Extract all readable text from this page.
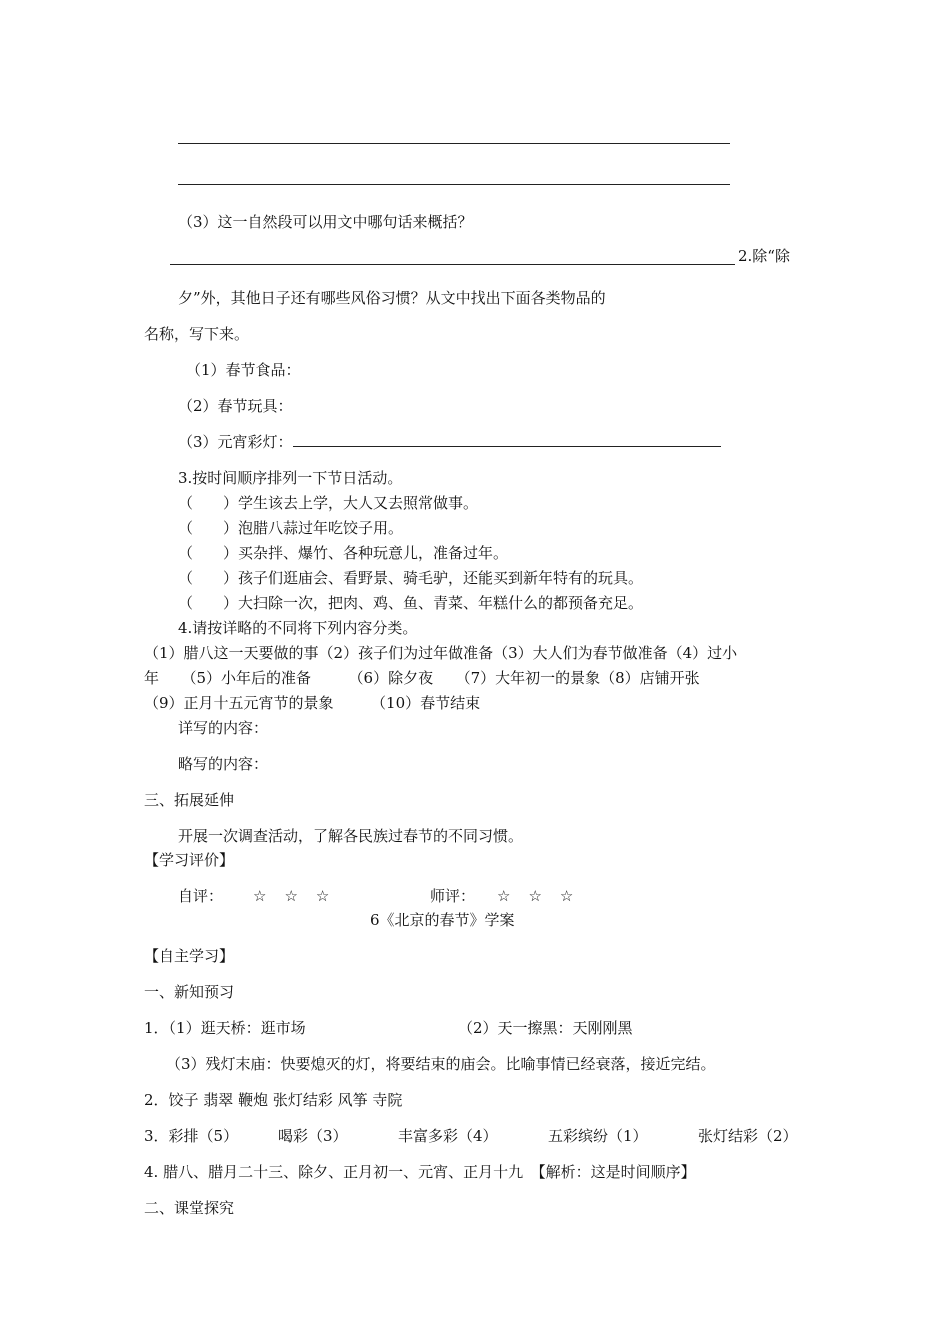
（3）这一自然段可以用文中哪句话来概括？
2.除“除
夕”外，其他日子还有哪些风俗习惯？从文中找出下面各类物品的
名称，写下来。
（1）春节食品：
（2）春节玩具：
（3）元宵彩灯：
3.按时间顺序排列一下节日活动。
（　　）学生该去上学，大人又去照常做事。
（　　）泡腊八蒜过年吃饺子用。
（　　）买杂拌、爆竹、各种玩意儿，准备过年。
（　　）孩子们逛庙会、看野景、骑毛驴，还能买到新年特有的玩具。
（　　）大扫除一次，把肉、鸡、鱼、青菜、年糕什么的都预备充足。
4.请按详略的不同将下列内容分类。
（1）腊八这一天要做的事（2）孩子们为过年做准备（3）大人们为春节做准备（4）过小
年　　（5）小年后的准备　　　（6）除夕夜　　（7）大年初一的景象（8）店铺开张
（9）正月十五元宵节的景象　　　（10）春节结束
详写的内容：
略写的内容：
三、拓展延伸
开展一次调查活动，了解各民族过春节的不同习惯。
【学习评价】
自评： ☆ ☆ ☆	师评： ☆ ☆ ☆
6《北京的春节》学案
【自主学习】
一、新知预习
1．（1）逛天桥：逛市场	（2）天一擦黑：天刚刚黑
（3）残灯末庙：快要熄灭的灯，将要结束的庙会。比喻事情已经衰落，接近完结。
2．饺子 翡翠 鞭炮 张灯结彩 风筝 寺院
3．彩排（5）	喝彩（3）	丰富多彩（4）	五彩缤纷（1）	张灯结彩（2）
4. 腊八、腊月二十三、除夕、正月初一、元宵、正月十九　【解析：这是时间顺序】
二、课堂探究
